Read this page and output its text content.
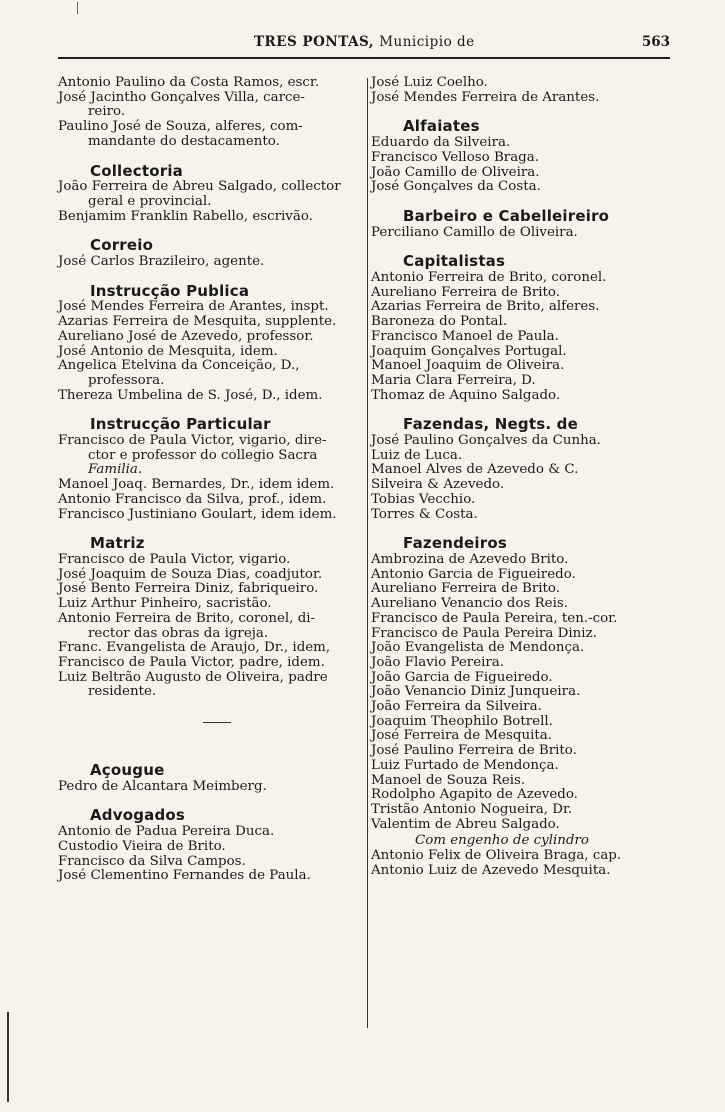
TRES PONTAS, Municipio de	563
Antonio Paulino da Costa Ramos, escr.
José Jacintho Gonçalves Villa, carce-
reiro.
Paulino José de Souza, alferes, com-
mandante do destacamento.
Collectoria
João Ferreira de Abreu Salgado, collector
geral e provincial.
Benjamim Franklin Rabello, escrivão.
Correio
José Carlos Brazileiro, agente.
Instrucção Publica
José Mendes Ferreira de Arantes, inspt.
Azarias Ferreira de Mesquita, supplente.
Aureliano José de Azevedo, professor.
José Antonio de Mesquita, idem.
Angelica Etelvina da Conceição, D.,
professora.
Thereza Umbelina de S. José, D., idem.
Instrucção Particular
Francisco de Paula Victor, vigario, dire-
ctor e professor do collegio Sacra
Familia.
Manoel Joaq. Bernardes, Dr., idem idem.
Antonio Francisco da Silva, prof., idem.
Francisco Justiniano Goulart, idem idem.
Matriz
Francisco de Paula Victor, vigario.
José Joaquim de Souza Dias, coadjutor.
José Bento Ferreira Diniz, fabriqueiro.
Luiz Arthur Pinheiro, sacristão.
Antonio Ferreira de Brito, coronel, di-
rector das obras da igreja.
Franc. Evangelista de Araujo, Dr., idem,
Francisco de Paula Victor, padre, idem.
Luiz Beltrão Augusto de Oliveira, padre
residente.
Açougue
Pedro de Alcantara Meimberg.
Advogados
Antonio de Padua Pereira Duca.
Custodio Vieira de Brito.
Francisco da Silva Campos.
José Clementino Fernandes de Paula.
José Luiz Coelho.
José Mendes Ferreira de Arantes.
Alfaiates
Eduardo da Silveira.
Francisco Velloso Braga.
João Camillo de Oliveira.
José Gonçalves da Costa.
Barbeiro e Cabelleireiro
Perciliano Camillo de Oliveira.
Capitalistas
Antonio Ferreira de Brito, coronel.
Aureliano Ferreira de Brito.
Azarias Ferreira de Brito, alferes.
Baroneza do Pontal.
Francisco Manoel de Paula.
Joaquim Gonçalves Portugal.
Manoel Joaquim de Oliveira.
Maria Clara Ferreira, D.
Thomaz de Aquino Salgado.
Fazendas, Negts. de
José Paulino Gonçalves da Cunha.
Luiz de Luca.
Manoel Alves de Azevedo & C.
Silveira & Azevedo.
Tobias Vecchio.
Torres & Costa.
Fazendeiros
Ambrozina de Azevedo Brito.
Antonio Garcia de Figueiredo.
Aureliano Ferreira de Brito.
Aureliano Venancio dos Reis.
Francisco de Paula Pereira, ten.-cor.
Francisco de Paula Pereira Diniz.
João Evangelista de Mendonça.
João Flavio Pereira.
João Garcia de Figueiredo.
João Venancio Diniz Junqueira.
João Ferreira da Silveira.
Joaquim Theophilo Botrell.
José Ferreira de Mesquita.
José Paulino Ferreira de Brito.
Luiz Furtado de Mendonça.
Manoel de Souza Reis.
Rodolpho Agapito de Azevedo.
Tristão Antonio Nogueira, Dr.
Valentim de Abreu Salgado.
Com engenho de cylindro
Antonio Felix de Oliveira Braga, cap.
Antonio Luiz de Azevedo Mesquita.
